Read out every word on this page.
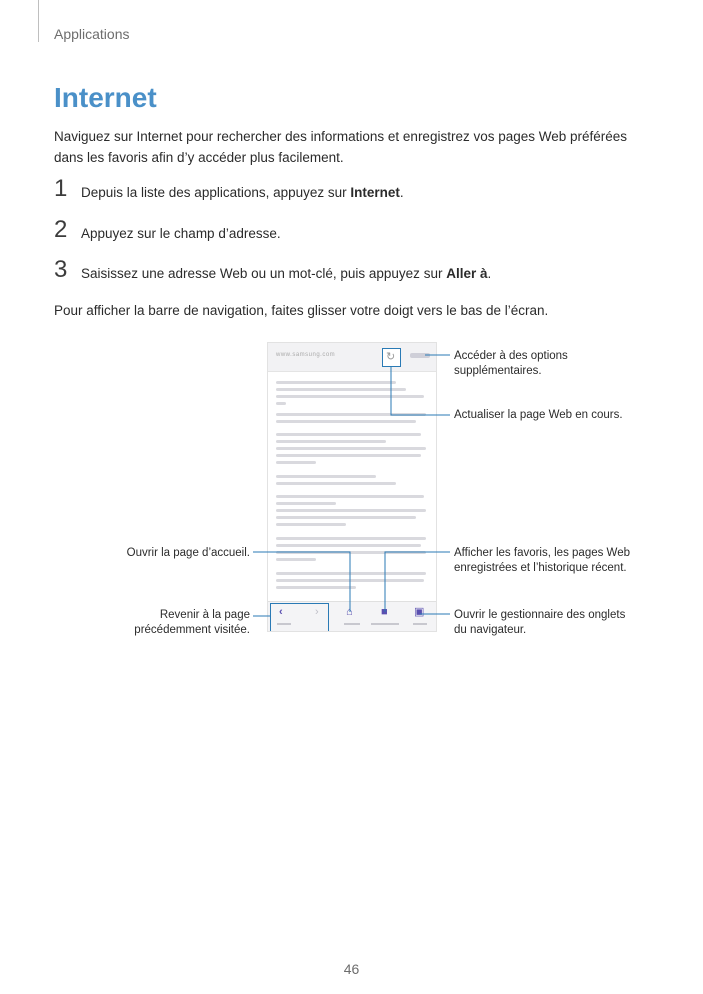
Applications
Internet
Naviguez sur Internet pour rechercher des informations et enregistrez vos pages Web préférées dans les favoris afin d’y accéder plus facilement.
1 Depuis la liste des applications, appuyez sur Internet.
2 Appuyez sur le champ d’adresse.
3 Saisissez une adresse Web ou un mot-clé, puis appuyez sur Aller à.
Pour afficher la barre de navigation, faites glisser votre doigt vers le bas de l’écran.
www.samsung.com	↻
‹	› ⌂	■ ▣
Accéder à des options supplémentaires.
Actualiser la page Web en cours.
Ouvrir la page d’accueil.	Afficher les favoris, les pages Web enregistrées et l’historique récent.
Revenir à la page précédemment visitée.
Ouvrir le gestionnaire des onglets du navigateur.
46
